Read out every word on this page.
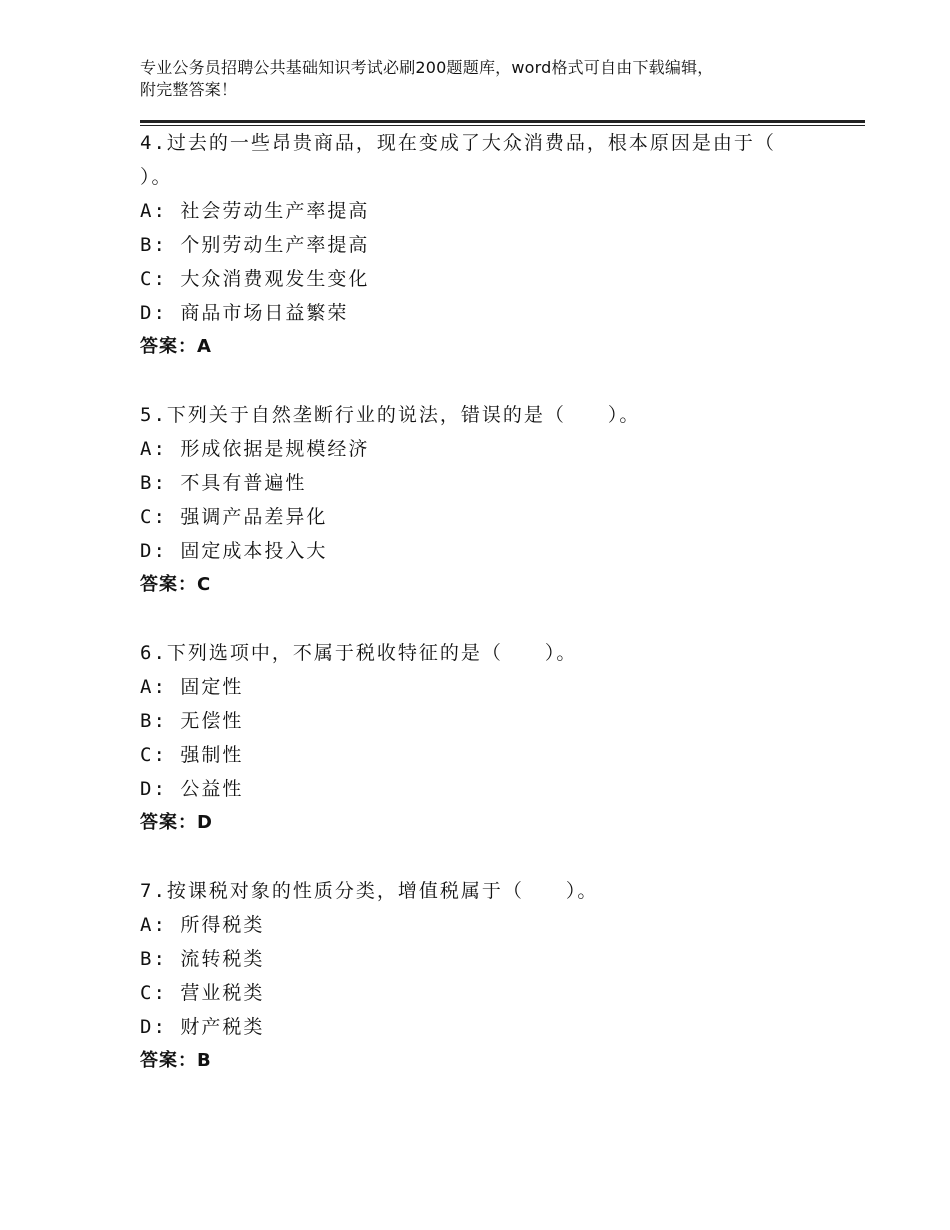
专业公务员招聘公共基础知识考试必刷200题题库，word格式可自由下载编辑，
附完整答案！

4.过去的一些昂贵商品，现在变成了大众消费品，根本原因是由于（

）。

A: 社会劳动生产率提高

B: 个别劳动生产率提高

C: 大众消费观发生变化

D: 商品市场日益繁荣

答案：A

5.下列关于自然垄断行业的说法，错误的是（　　）。

A: 形成依据是规模经济

B: 不具有普遍性

C: 强调产品差异化

D: 固定成本投入大

答案：C

6.下列选项中，不属于税收特征的是（　　）。

A: 固定性

B: 无偿性

C: 强制性

D: 公益性

答案：D

7.按课税对象的性质分类，增值税属于（　　）。

A: 所得税类

B: 流转税类

C: 营业税类

D: 财产税类

答案：B
